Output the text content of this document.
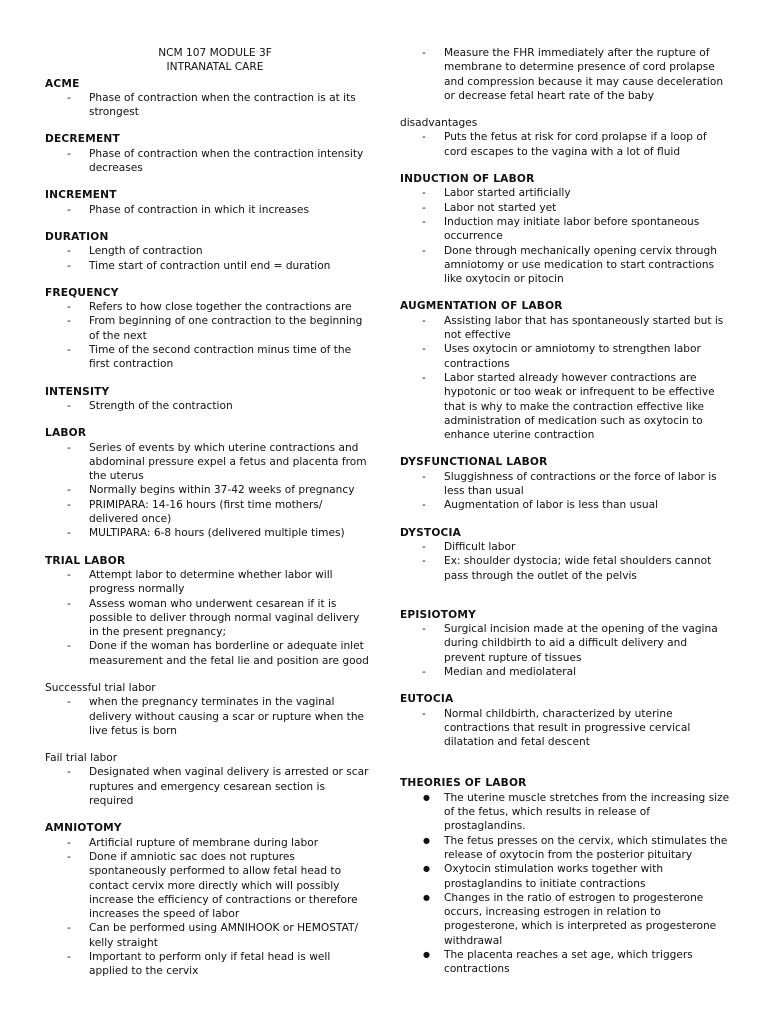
NCM 107 MODULE 3F
INTRANATAL CARE
ACME
-	Phase of contraction when the contraction is at its strongest
DECREMENT
-	Phase of contraction when the contraction intensity decreases
INCREMENT
-	Phase of contraction in which it increases
DURATION
-	Length of contraction
-	Time start of contraction until end = duration
FREQUENCY
-	Refers to how close together the contractions are
-	From beginning of one contraction to the beginning of the next
-	Time of the second contraction minus time of the first contraction
INTENSITY
-	Strength of the contraction
LABOR
-	Series of events by which uterine contractions and abdominal pressure expel a fetus and placenta from the uterus
-	Normally begins within 37-42 weeks of pregnancy
-	PRIMIPARA: 14-16 hours (first time mothers/ delivered once)
-	MULTIPARA: 6-8 hours (delivered multiple times)
TRIAL LABOR
-	Attempt labor to determine whether labor will progress normally
-	Assess woman who underwent cesarean if it is possible to deliver through normal vaginal delivery in the present pregnancy;
-	Done if the woman has borderline or adequate inlet measurement and the fetal lie and position are good
Successful trial labor
-	when the pregnancy terminates in the vaginal delivery without causing a scar or rupture when the live fetus is born
Fail trial labor
-	Designated when vaginal delivery is arrested or scar ruptures and emergency cesarean section is required
AMNIOTOMY
-	Artificial rupture of membrane during labor
-	Done if amniotic sac does not ruptures spontaneously performed to allow fetal head to contact cervix more directly which will possibly increase the efficiency of contractions or therefore increases the speed of labor
-	Can be performed using AMNIHOOK or HEMOSTAT/ kelly straight
-	Important to perform only if fetal head is well applied to the cervix
-	Measure the FHR immediately after the rupture of membrane to determine presence of cord prolapse and compression because it may cause deceleration or decrease fetal heart rate of the baby
disadvantages
-	Puts the fetus at risk for cord prolapse if a loop of cord escapes to the vagina with a lot of fluid
INDUCTION OF LABOR
-	Labor started artificially
-	Labor not started yet
-	Induction may initiate labor before spontaneous occurrence
-	Done through mechanically opening cervix through amniotomy or use medication to start contractions like oxytocin or pitocin
AUGMENTATION OF LABOR
-	Assisting labor that has spontaneously started but is not effective
-	Uses oxytocin or amniotomy to strengthen labor contractions
-	Labor started already however contractions are hypotonic or too weak or infrequent to be effective that is why to make the contraction effective like administration of medication such as oxytocin to enhance uterine contraction
DYSFUNCTIONAL LABOR
-	Sluggishness of contractions or the force of labor is less than usual
-	Augmentation of labor is less than usual
DYSTOCIA
-	Difficult labor
-	Ex: shoulder dystocia; wide fetal shoulders cannot pass through the outlet of the pelvis
EPISIOTOMY
-	Surgical incision made at the opening of the vagina during childbirth to aid a difficult delivery and prevent rupture of tissues
-	Median and mediolateral
EUTOCIA
-	Normal childbirth, characterized by uterine contractions that result in progressive cervical dilatation and fetal descent
THEORIES OF LABOR
●	The uterine muscle stretches from the increasing size of the fetus, which results in release of prostaglandins.
●	The fetus presses on the cervix, which stimulates the release of oxytocin from the posterior pituitary
●	Oxytocin stimulation works together with prostaglandins to initiate contractions
●	Changes in the ratio of estrogen to progesterone occurs, increasing estrogen in relation to progesterone, which is interpreted as progesterone withdrawal
●	The placenta reaches a set age, which triggers contractions
